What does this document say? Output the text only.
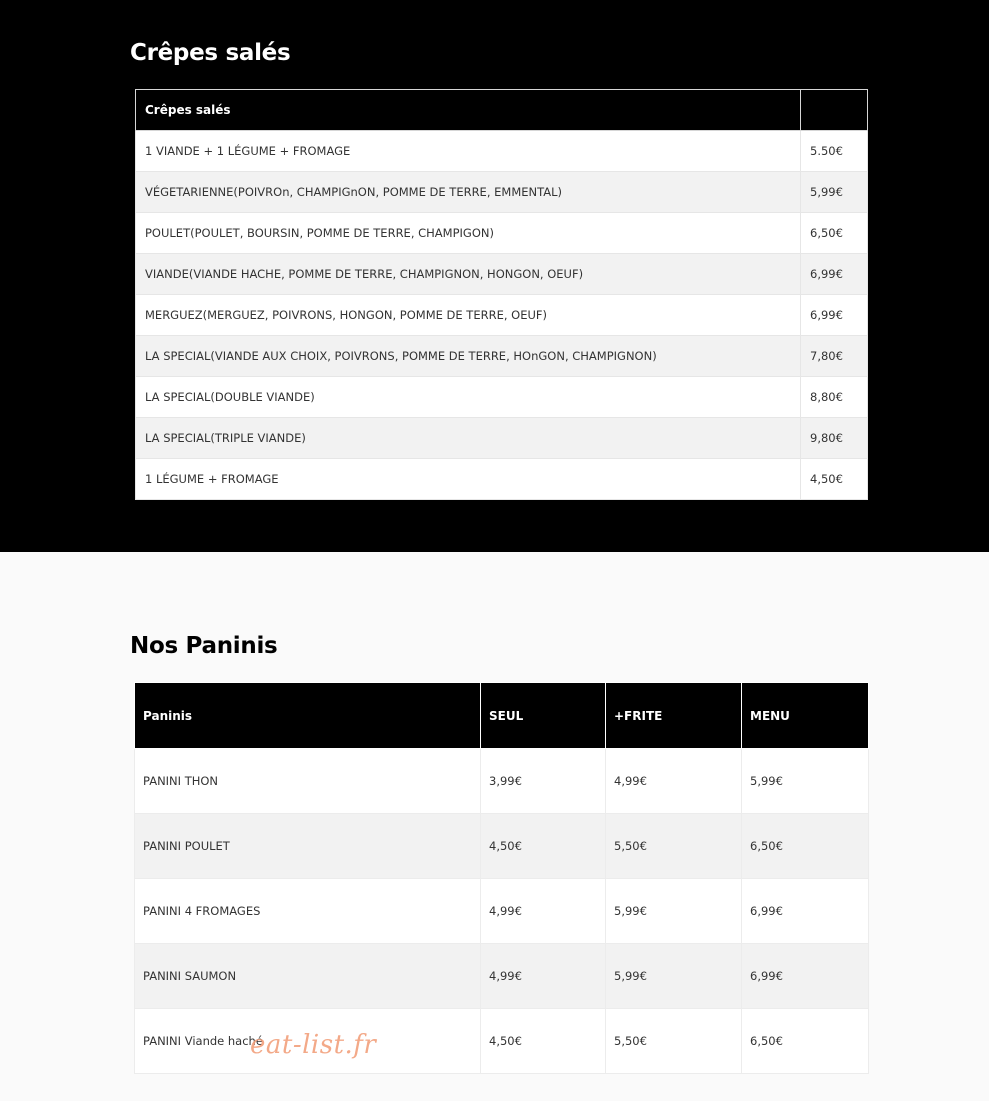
Crêpes salés
Crêpes salés	
1 VIANDE + 1 LÉGUME + FROMAGE	5.50€
VÉGETARIENNE(POIVROn, CHAMPIGnON, POMME DE TERRE, EMMENTAL)	5,99€
POULET(POULET, BOURSIN, POMME DE TERRE, CHAMPIGON)	6,50€
VIANDE(VIANDE HACHE, POMME DE TERRE, CHAMPIGNON, HONGON, OEUF)	6,99€
MERGUEZ(MERGUEZ, POIVRONS, HONGON, POMME DE TERRE, OEUF)	6,99€
LA SPECIAL(VIANDE AUX CHOIX, POIVRONS, POMME DE TERRE, HOnGON, CHAMPIGNON)	7,80€
LA SPECIAL(DOUBLE VIANDE)	8,80€
LA SPECIAL(TRIPLE VIANDE)	9,80€
1 LÉGUME + FROMAGE	4,50€
Nos Paninis
Paninis	SEUL	+FRITE	MENU
PANINI THON	3,99€	4,99€	5,99€
PANINI POULET	4,50€	5,50€	6,50€
PANINI 4 FROMAGES	4,99€	5,99€	6,99€
PANINI SAUMON	4,99€	5,99€	6,99€
PANINI Viande haché	4,50€	5,50€	6,50€
eat-list.fr
